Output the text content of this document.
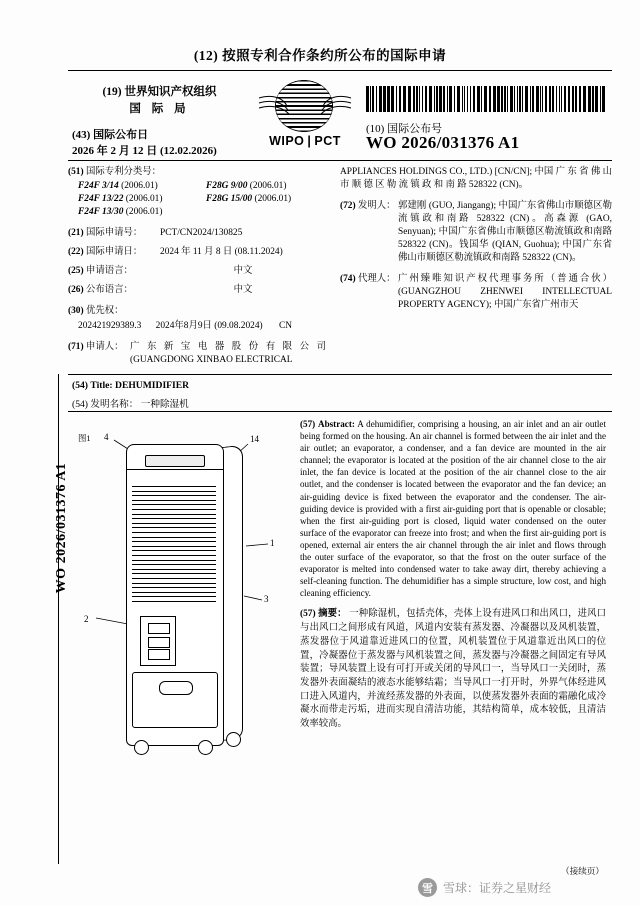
(12) 按照专利合作条约所公布的国际申请
(19) 世界知识产权组织
国 际 局
(43) 国际公布日
2026 年 2 月 12 日 (12.02.2026)
WIPO | PCT
(10) 国际公布号
WO 2026/031376 A1
(51) 国际专利分类号：
F24F 3/14 (2006.01)	F28G 9/00 (2006.01)
F24F 13/22 (2006.01)	F28G 15/00 (2006.01)
F24F 13/30 (2006.01)
(21) 国际申请号：	PCT/CN2024/130825
(22) 国际申请日：	2024 年 11 月 8 日 (08.11.2024)
(25) 申请语言：	中文
(26) 公布语言：	中文
(30) 优先权：
202421929389.3 2024年8月9日 (09.08.2024) CN
(71) 申请人： 广 东 新 宝 电 器 股 份 有 限 公 司 (GUANGDONG XINBAO ELECTRICAL
APPLIANCES HOLDINGS CO., LTD.) [CN/CN]; 中国 广 东 省 佛 山 市 顺 德 区 勒 流 镇 政 和 南 路 528322 (CN)。
(72) 发明人： 郭建刚 (GUO, Jiangang); 中国广东省佛山市顺德区勒流镇政和南路 528322 (CN)。高森源 (GAO, Senyuan); 中国广东省佛山市顺德区勒流镇政和南路 528322 (CN)。钱国华 (QIAN, Guohua); 中国广东省佛山市顺德区勒流镇政和南路 528322 (CN)。
(74) 代理人： 广州臻唯知识产权代理事务所（普通合伙）(GUANGZHOU ZHENWEI INTELLECTUAL PROPERTY AGENCY); 中国广东省广州市天
(54) Title: DEHUMIDIFIER
(54) 发明名称： 一种除湿机
图1 4	14
1
3
2

(57) Abstract: A dehumidifier, comprising a housing, an air inlet and an air outlet being formed on the housing. An air channel is formed between the air inlet and the air outlet; an evaporator, a condenser, and a fan device are mounted in the air channel; the evaporator is located at the position of the air channel close to the air inlet, the fan device is located at the position of the air channel close to the air outlet, and the condenser is located between the evaporator and the fan device; an air-guiding device is fixed between the evaporator and the condenser. The air-guiding device is provided with a first air-guiding port that is openable or closable; when the first air-guiding port is closed, liquid water condensed on the outer surface of the evaporator can freeze into frost; and when the first air-guiding port is opened, external air enters the air channel through the air inlet and flows through the outer surface of the evaporator, so that the frost on the outer surface of the evaporator is melted into condensed water to take away dirt, thereby achieving a self-cleaning function. The dehumidifier has a simple structure, low cost, and high cleaning efficiency.

(57) 摘要： 一种除湿机，包括壳体，壳体上设有进风口和出风口，进风口与出风口之间形成有风道，风道内安装有蒸发器、冷凝器以及风机装置，蒸发器位于风道靠近进风口的位置，风机装置位于风道靠近出风口的位置，冷凝器位于蒸发器与风机装置之间，蒸发器与冷凝器之间固定有导风装置；导风装置上设有可打开或关闭的导风口一，当导风口一关闭时，蒸发器外表面凝结的液态水能够结霜；当导风口一打开时，外界气体经进风口进入风道内，并流经蒸发器的外表面，以使蒸发器外表面的霜融化成冷凝水而带走污垢，进而实现自清洁功能，其结构简单，成本较低，且清洁效率较高。

WO 2026/031376 A1
（接续页）
雪 雪球：证券之星财经
